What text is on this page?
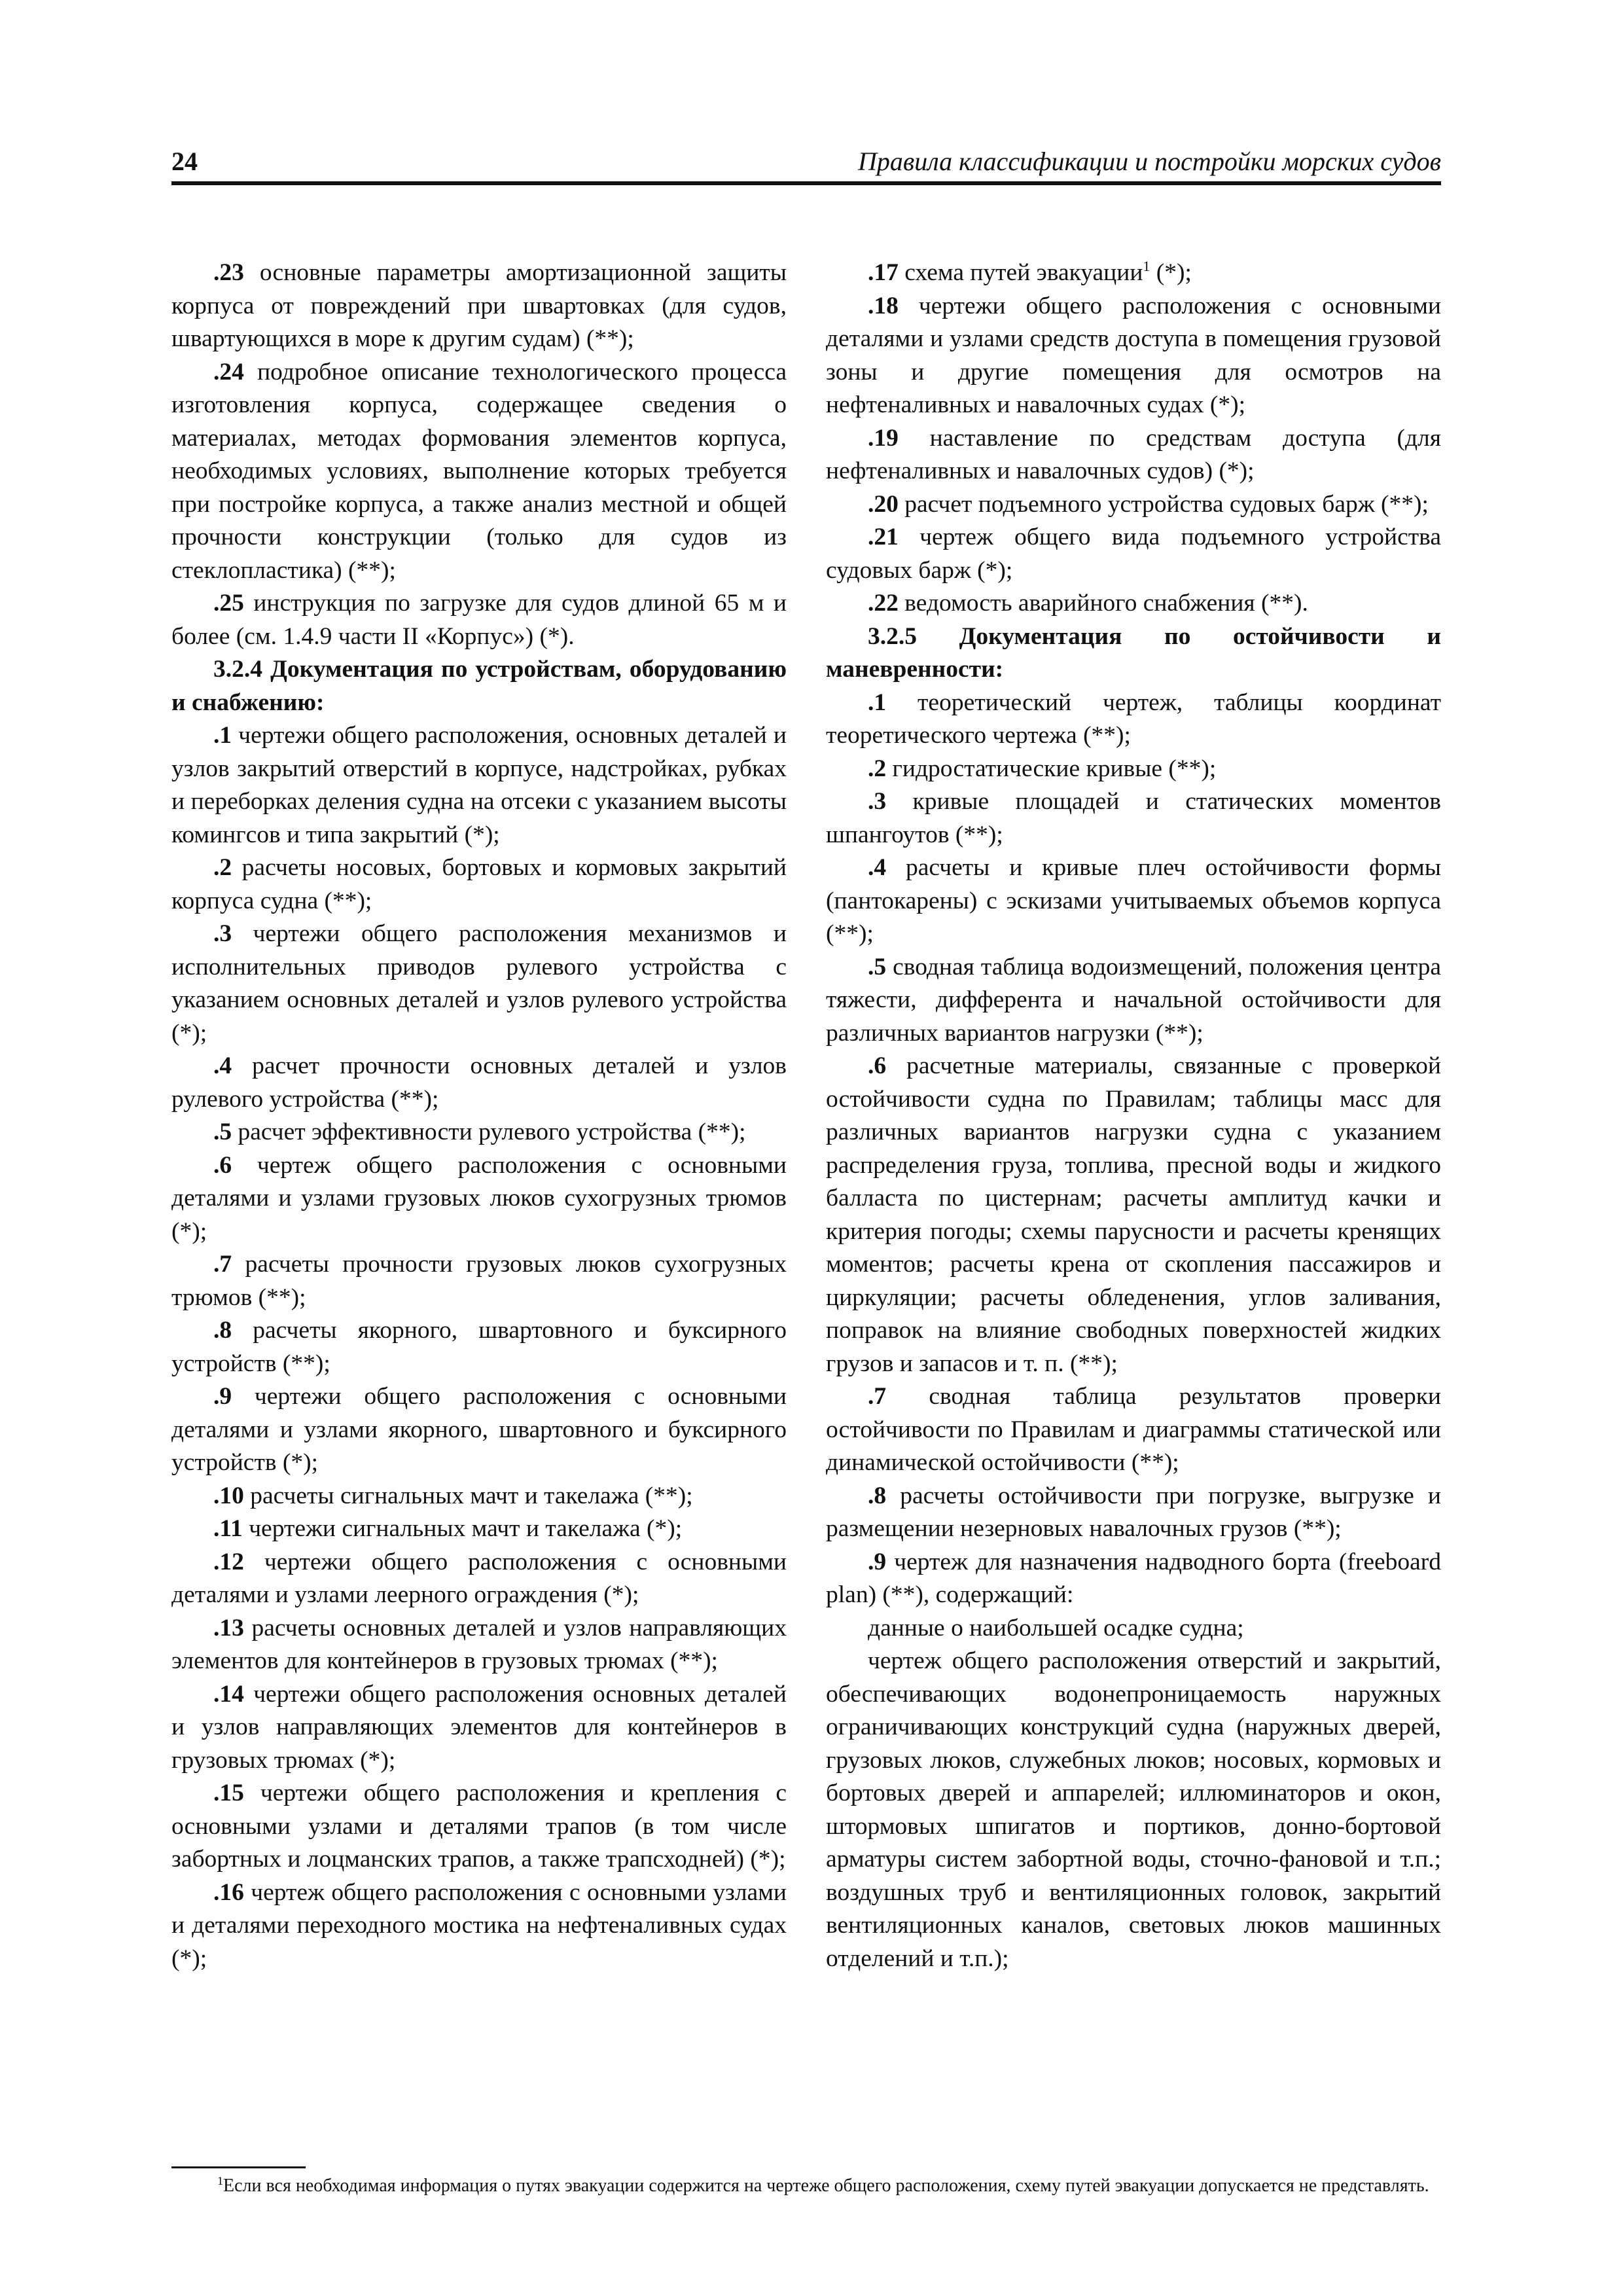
24	Правила классификации и постройки морских судов

.23 основные параметры амортизационной защиты корпуса от повреждений при швартовках (для судов, швартующихся в море к другим судам) (**);

.24 подробное описание технологического процесса изготовления корпуса, содержащее сведения о материалах, методах формования элементов корпуса, необходимых условиях, выполнение которых требуется при постройке корпуса, а также анализ местной и общей прочности конструкции (только для судов из стеклопластика) (**);

.25 инструкция по загрузке для судов длиной 65 м и более (см. 1.4.9 части II «Корпус») (*).

3.2.4 Документация по устройствам, оборудованию и снабжению:

.1 чертежи общего расположения, основных деталей и узлов закрытий отверстий в корпусе, надстройках, рубках и переборках деления судна на отсеки с указанием высоты комингсов и типа закрытий (*);

.2 расчеты носовых, бортовых и кормовых закрытий корпуса судна (**);

.3 чертежи общего расположения механизмов и исполнительных приводов рулевого устройства с указанием основных деталей и узлов рулевого устройства (*);

.4 расчет прочности основных деталей и узлов рулевого устройства (**);

.5 расчет эффективности рулевого устройства (**);

.6 чертеж общего расположения с основными деталями и узлами грузовых люков сухогрузных трюмов (*);

.7 расчеты прочности грузовых люков сухогрузных трюмов (**);

.8 расчеты якорного, швартовного и буксирного устройств (**);

.9 чертежи общего расположения с основными деталями и узлами якорного, швартовного и буксирного устройств (*);

.10 расчеты сигнальных мачт и такелажа (**);

.11 чертежи сигнальных мачт и такелажа (*);

.12 чертежи общего расположения с основными деталями и узлами леерного ограждения (*);

.13 расчеты основных деталей и узлов направляющих элементов для контейнеров в грузовых трюмах (**);

.14 чертежи общего расположения основных деталей и узлов направляющих элементов для контейнеров в грузовых трюмах (*);

.15 чертежи общего расположения и крепления с основными узлами и деталями трапов (в том числе забортных и лоцманских трапов, а также трапсходней) (*);

.16 чертеж общего расположения с основными узлами и деталями переходного мостика на нефтеналивных судах (*);

.17 схема путей эвакуации$^1$ (*);

.18 чертежи общего расположения с основными деталями и узлами средств доступа в помещения грузовой зоны и другие помещения для осмотров на нефтеналивных и навалочных судах (*);

.19 наставление по средствам доступа (для нефтеналивных и навалочных судов) (*);

.20 расчет подъемного устройства судовых барж (**);

.21 чертеж общего вида подъемного устройства судовых барж (*);

.22 ведомость аварийного снабжения (**).

3.2.5 Документация по остойчивости и маневренности:

.1 теоретический чертеж, таблицы координат теоретического чертежа (**);

.2 гидростатические кривые (**);

.3 кривые площадей и статических моментов шпангоутов (**);

.4 расчеты и кривые плеч остойчивости формы (пантокарены) с эскизами учитываемых объемов корпуса (**);

.5 сводная таблица водоизмещений, положения центра тяжести, дифферента и начальной остойчивости для различных вариантов нагрузки (**);

.6 расчетные материалы, связанные с проверкой остойчивости судна по Правилам; таблицы масс для различных вариантов нагрузки судна с указанием распределения груза, топлива, пресной воды и жидкого балласта по цистернам; расчеты амплитуд качки и критерия погоды; схемы парусности и расчеты кренящих моментов; расчеты крена от скопления пассажиров и циркуляции; расчеты обледенения, углов заливания, поправок на влияние свободных поверхностей жидких грузов и запасов и т. п. (**);

.7 сводная таблица результатов проверки остойчивости по Правилам и диаграммы статической или динамической остойчивости (**);

.8 расчеты остойчивости при погрузке, выгрузке и размещении незерновых навалочных грузов (**);

.9 чертеж для назначения надводного борта (freeboard plan) (**), содержащий:

данные о наибольшей осадке судна;

чертеж общего расположения отверстий и закрытий, обеспечивающих водонепроницаемость наружных ограничивающих конструкций судна (наружных дверей, грузовых люков, служебных люков; носовых, кормовых и бортовых дверей и аппарелей; иллюминаторов и окон, штормовых шпигатов и портиков, донно-бортовой арматуры систем забортной воды, сточно-фановой и т.п.; воздушных труб и вентиляционных головок, закрытий вентиляционных каналов, световых люков машинных отделений и т.п.);

$^1$Если вся необходимая информация о путях эвакуации содержится на чертеже общего расположения, схему путей эвакуации допускается не представлять.
